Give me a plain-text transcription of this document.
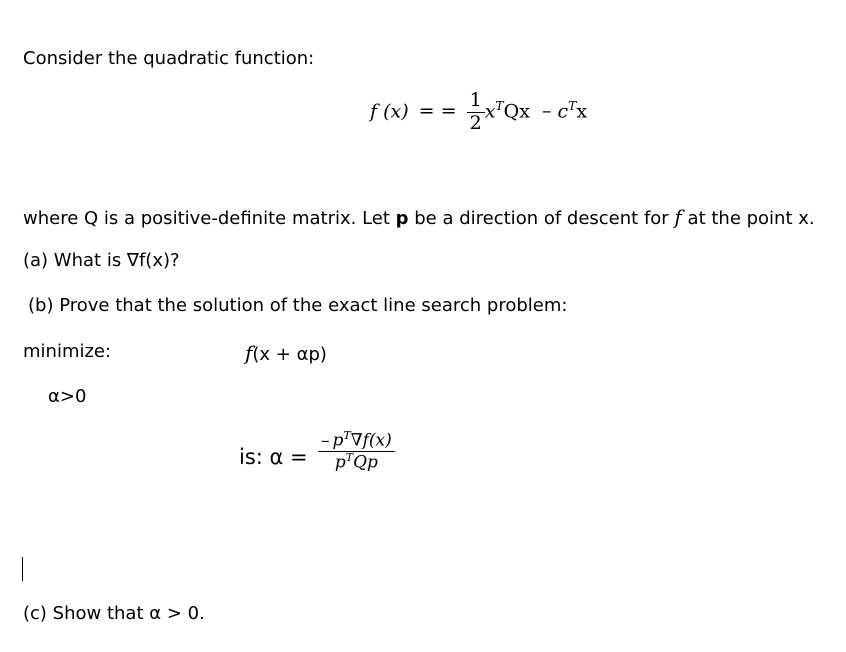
Consider the quadratic function:
f (x) = = $\frac{1}{2} x^TQx - c^Tx$
where Q is a positive-definite matrix. Let p be a direction of descent for f at the point x.
(a) What is ∇f(x)?
(b) Prove that the solution of the exact line search problem:
minimize:	f(x + αp)
α>0
is: $\alpha = \frac{- p^T\nabla f(x)}{p^TQp}$
(c) Show that α > 0.
